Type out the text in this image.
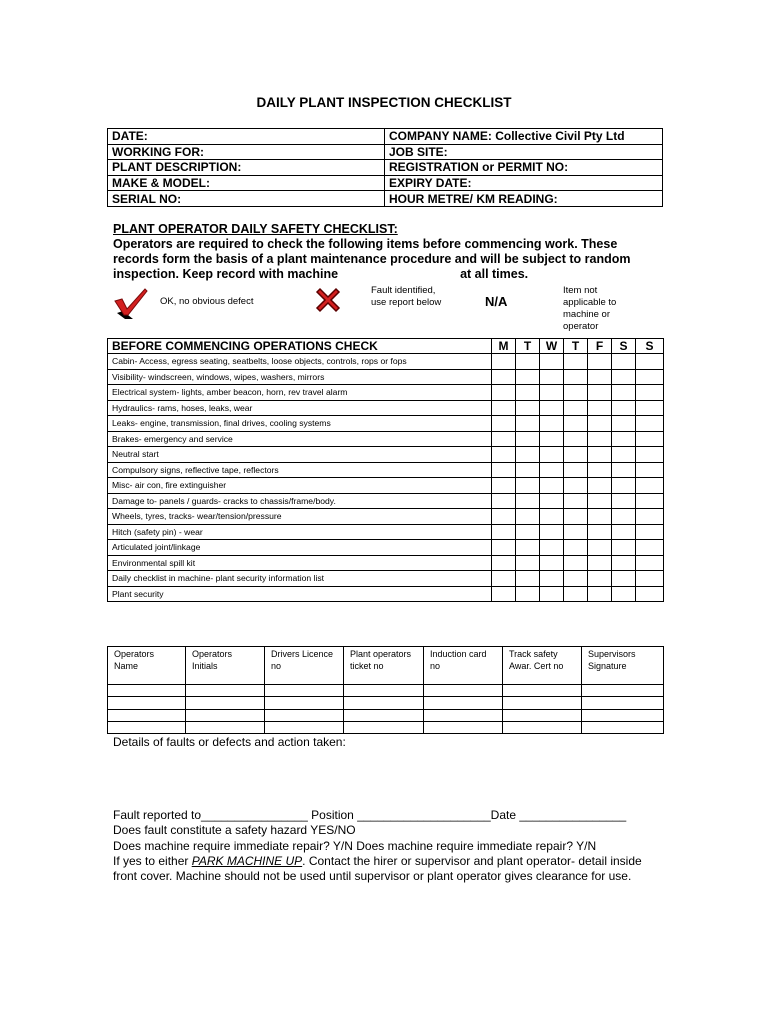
DAILY PLANT INSPECTION CHECKLIST
DATE:	COMPANY NAME: Collective Civil Pty Ltd
WORKING FOR:	JOB SITE:
PLANT DESCRIPTION:	REGISTRATION or PERMIT NO:
MAKE & MODEL:	EXPIRY DATE:
SERIAL NO:	HOUR METRE/ KM READING:
PLANT OPERATOR DAILY SAFETY CHECKLIST:
Operators are required to check the following items before commencing work. These records form the basis of a plant maintenance procedure and will be subject to random inspection. Keep record with machine	at all times.
OK, no obvious defect
Fault identified, use report below	N/A
Item not applicable to machine or operator
BEFORE COMMENCING OPERATIONS CHECK	M	T	W	T	F	S	S
Cabin- Access, egress seating, seatbelts, loose objects, controls, rops or fops							
Visibility- windscreen, windows, wipes, washers, mirrors							
Electrical system- lights, amber beacon, horn, rev travel alarm							
Hydraulics- rams, hoses, leaks, wear							
Leaks- engine, transmission, final drives, cooling systems							
Brakes- emergency and service							
Neutral start							
Compulsory signs, reflective tape, reflectors							
Misc- air con, fire extinguisher							
Damage to- panels / guards- cracks to chassis/frame/body.							
Wheels, tyres, tracks- wear/tension/pressure							
Hitch (safety pin) - wear							
Articulated joint/linkage							
Environmental spill kit							
Daily checklist in machine- plant security information list							
Plant security							
Operators Name	Operators Initials	Drivers Licence no	Plant operators ticket no	Induction card no	Track safety Awar. Cert no	Supervisors Signature

Details of faults or defects and action taken:
Fault reported to________________ Position ____________________Date ________________
Does fault constitute a safety hazard YES/NO
Does machine require immediate repair? Y/N Does machine require immediate repair? Y/N
If yes to either PARK MACHINE UP. Contact the hirer or supervisor and plant operator- detail inside front cover. Machine should not be used until supervisor or plant operator gives clearance for use.
